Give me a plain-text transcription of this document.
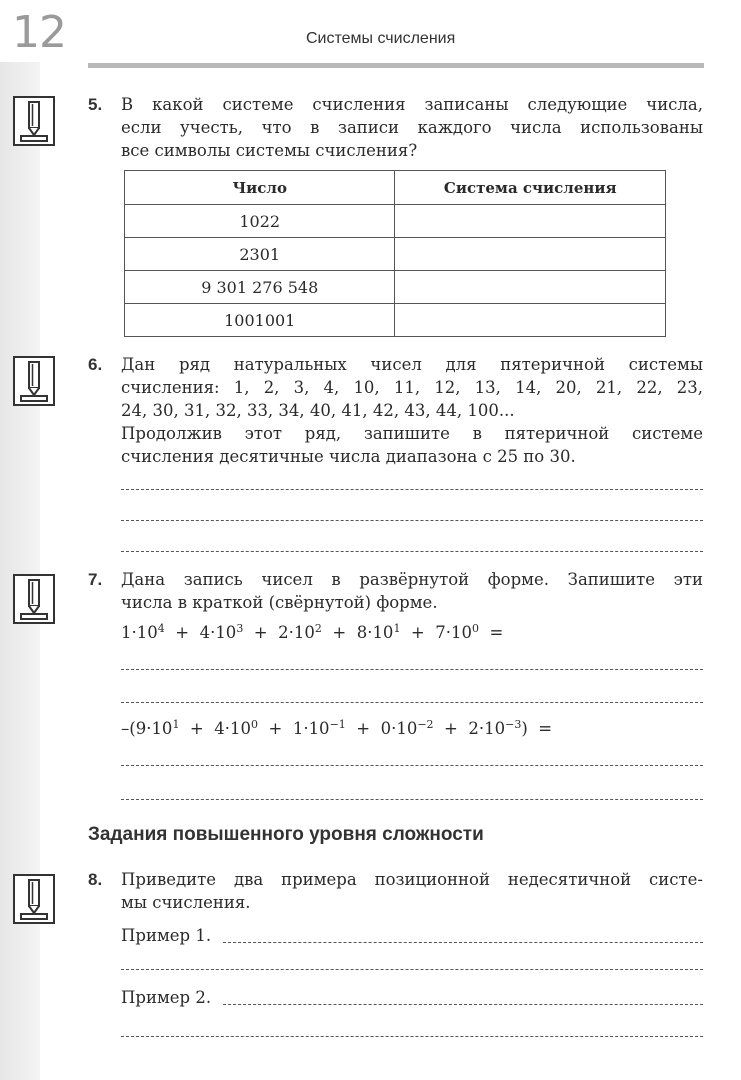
12	Системы счисления
5.	В какой системе счисления записаны следующие числа,

если учесть, что в записи каждого числа использованы

все символы системы счисления?

Число	Система счисления
1022	
2301	
9 301 276 548	
1001001	
6.	Дан ряд натуральных чисел для пятеричной системы

счисления: 1, 2, 3, 4, 10, 11, 12, 13, 14, 20, 21, 22, 23,

24, 30, 31, 32, 33, 34, 40, 41, 42, 43, 44, 100...

Продолжив этот ряд, запишите в пятеричной системе

счисления десятичные числа диапазона с 25 по 30.

7.	Дана запись чисел в развёрнутой форме. Запишите эти

числа в краткой (свёрнутой) форме.

$1\cdot 10^4 + 4\cdot 10^3 + 2\cdot 10^2 + 8\cdot 10^1 + 7\cdot 10^0$  =
$-(9\cdot 10^1 + 4\cdot 10^0 + 1\cdot 10^{-1} + 0\cdot 10^{-2} + 2\cdot 10^{-3})$  =
Задания повышенного уровня сложности
8.	Приведите два примера позиционной недесятичной систе-

мы счисления.

Пример 1.
Пример 2.
